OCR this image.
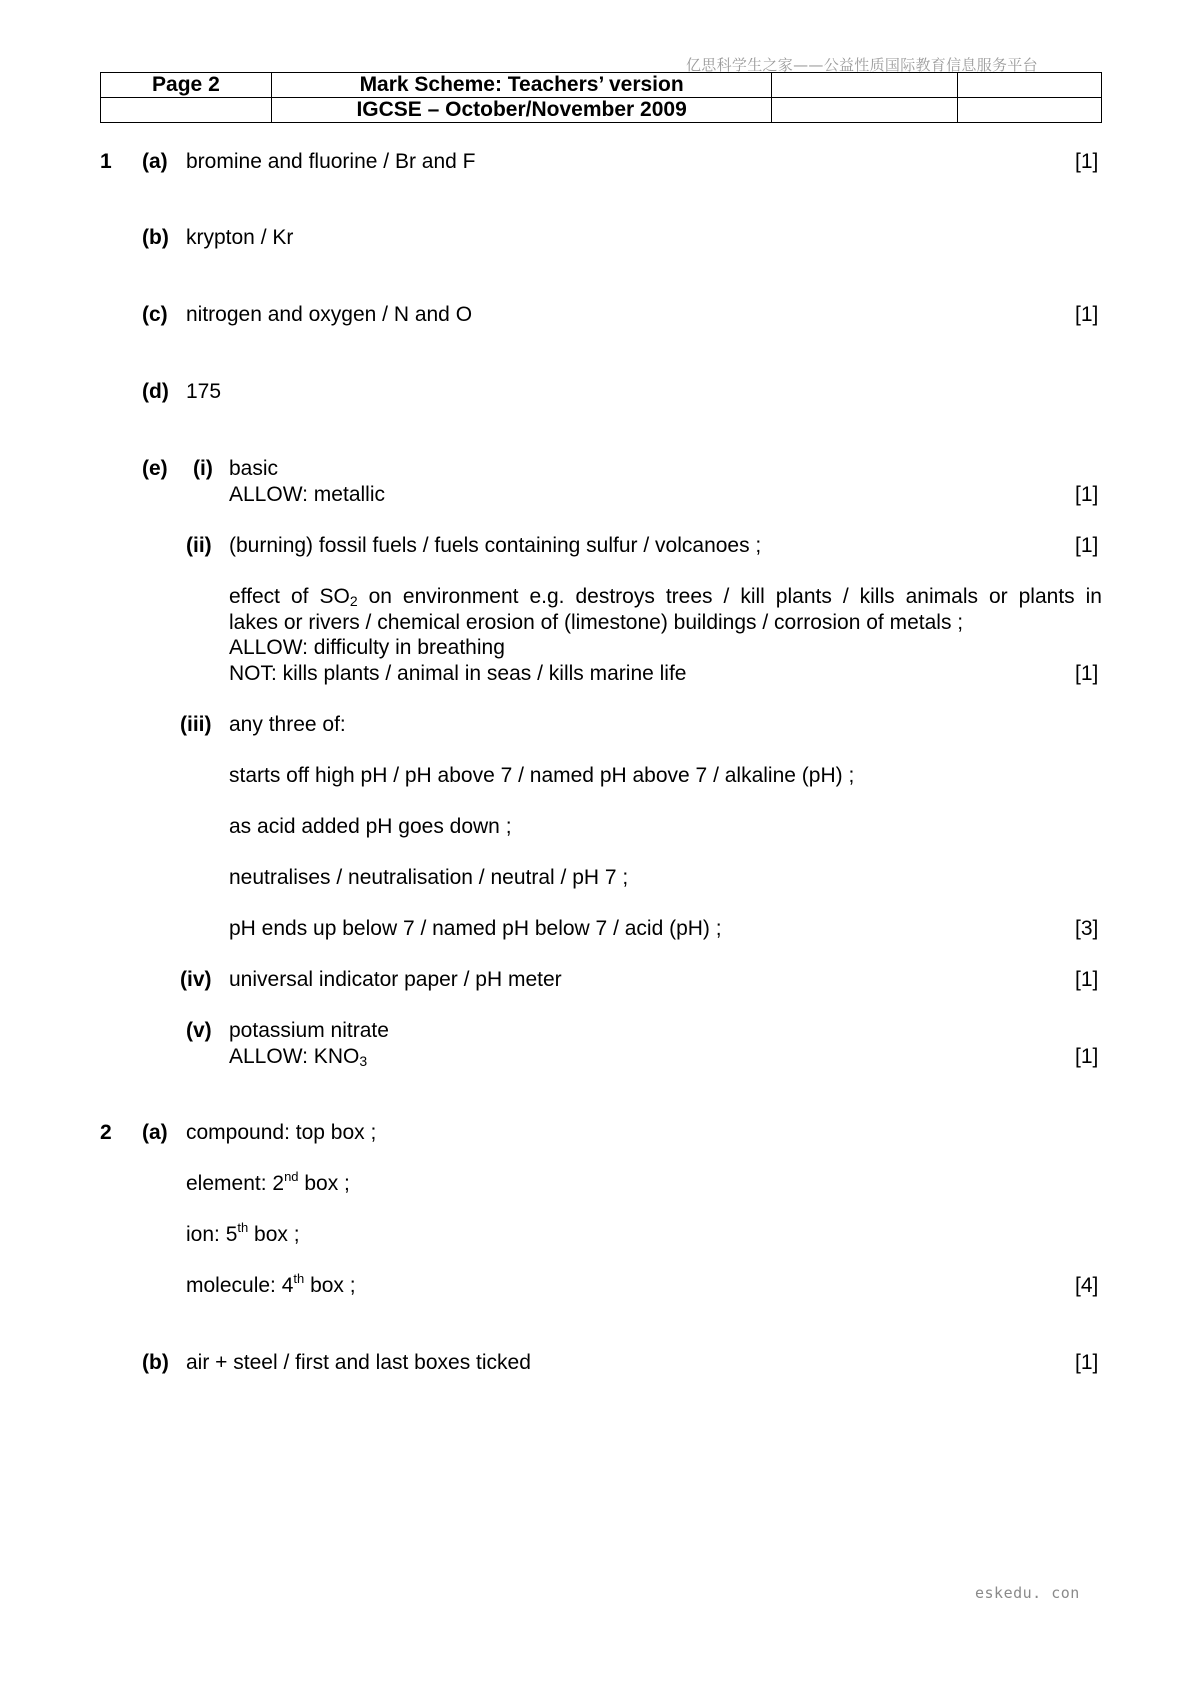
亿思科学生之家——公益性质国际教育信息服务平台
Page 2	Mark Scheme: Teachers’ version		
	IGCSE – October/November 2009		
1 (a) bromine and fluorine / Br and F	[1]
(b) krypton / Kr
(c) nitrogen and oxygen / N and O	[1]
(d) 175
(e) (i) basic
ALLOW: metallic	[1]
(ii) (burning) fossil fuels / fuels containing sulfur / volcanoes ;	[1]
effect of $SO_2$ on environment e.g. destroys trees / kill plants / kills animals or plants in
lakes or rivers / chemical erosion of (limestone) buildings / corrosion of metals ;
ALLOW: difficulty in breathing
NOT: kills plants / animal in seas / kills marine life	[1]
(iii) any three of:
starts off high pH / pH above 7 / named pH above 7 / alkaline (pH) ;
as acid added pH goes down ;
neutralises / neutralisation / neutral / pH 7 ;
pH ends up below 7 / named pH below 7 / acid (pH) ;	[3]
(iv) universal indicator paper / pH meter	[1]
(v) potassium nitrate
ALLOW: $KNO_3$	[1]
2 (a) compound: top box ;
element: 2nd box ;
ion: 5th box ;
molecule: 4th box ;	[4]
(b) air + steel / first and last boxes ticked	[1]
eskedu. con
